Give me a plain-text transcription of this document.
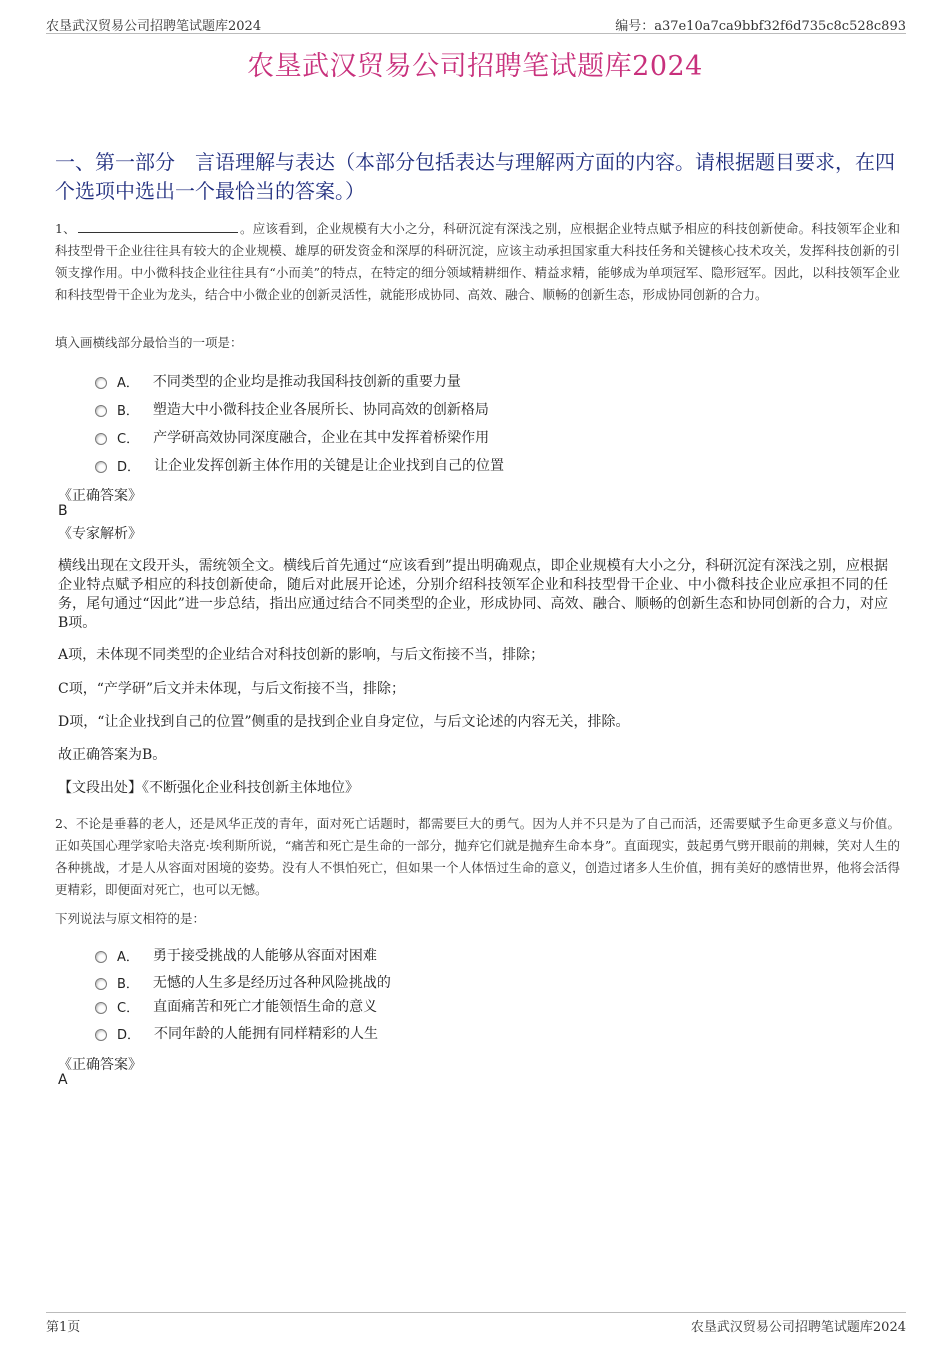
农垦武汉贸易公司招聘笔试题库2024	编号：a37e10a7ca9bbf32f6d735c8c528c893
农垦武汉贸易公司招聘笔试题库2024
一、第一部分　言语理解与表达（本部分包括表达与理解两方面的内容。请根据题目要求，在四个选项中选出一个最恰当的答案。）
1、	。应该看到，企业规模有大小之分，科研沉淀有深浅之别，应根据企业特点赋予相应的科技创新使命。科技领军企业和科技型骨干企业往往具有较大的企业规模、雄厚的研发资金和深厚的科研沉淀，应该主动承担国家重大科技任务和关键核心技术攻关，发挥科技创新的引领支撑作用。中小微科技企业往往具有“小而美”的特点，在特定的细分领域精耕细作、精益求精，能够成为单项冠军、隐形冠军。因此，以科技领军企业和科技型骨干企业为龙头，结合中小微企业的创新灵活性，就能形成协同、高效、融合、顺畅的创新生态，形成协同创新的合力。
填入画横线部分最恰当的一项是：
A． 不同类型的企业均是推动我国科技创新的重要力量
B． 塑造大中小微科技企业各展所长、协同高效的创新格局
C． 产学研高效协同深度融合，企业在其中发挥着桥梁作用
D． 让企业发挥创新主体作用的关键是让企业找到自己的位置
《正确答案》
B
《专家解析》
横线出现在文段开头，需统领全文。横线后首先通过“应该看到”提出明确观点，即企业规模有大小之分，科研沉淀有深浅之别，应根据企业特点赋予相应的科技创新使命，随后对此展开论述，分别介绍科技领军企业和科技型骨干企业、中小微科技企业应承担不同的任务，尾句通过“因此”进一步总结，指出应通过结合不同类型的企业，形成协同、高效、融合、顺畅的创新生态和协同创新的合力，对应B项。
A项，未体现不同类型的企业结合对科技创新的影响，与后文衔接不当，排除；
C项，“产学研”后文并未体现，与后文衔接不当，排除；
D项，“让企业找到自己的位置”侧重的是找到企业自身定位，与后文论述的内容无关，排除。
故正确答案为B。
【文段出处】《不断强化企业科技创新主体地位》
2、不论是垂暮的老人，还是风华正茂的青年，面对死亡话题时，都需要巨大的勇气。因为人并不只是为了自己而活，还需要赋予生命更多意义与价值。正如英国心理学家哈夫洛克·埃利斯所说，“痛苦和死亡是生命的一部分，抛弃它们就是抛弃生命本身”。直面现实，鼓起勇气劈开眼前的荆棘，笑对人生的各种挑战，才是人从容面对困境的姿势。没有人不惧怕死亡，但如果一个人体悟过生命的意义，创造过诸多人生价值，拥有美好的感情世界，他将会活得更精彩，即便面对死亡，也可以无憾。
下列说法与原文相符的是：
A． 勇于接受挑战的人能够从容面对困难
B． 无憾的人生多是经历过各种风险挑战的
C． 直面痛苦和死亡才能领悟生命的意义
D． 不同年龄的人能拥有同样精彩的人生
《正确答案》
A
第1页	农垦武汉贸易公司招聘笔试题库2024
